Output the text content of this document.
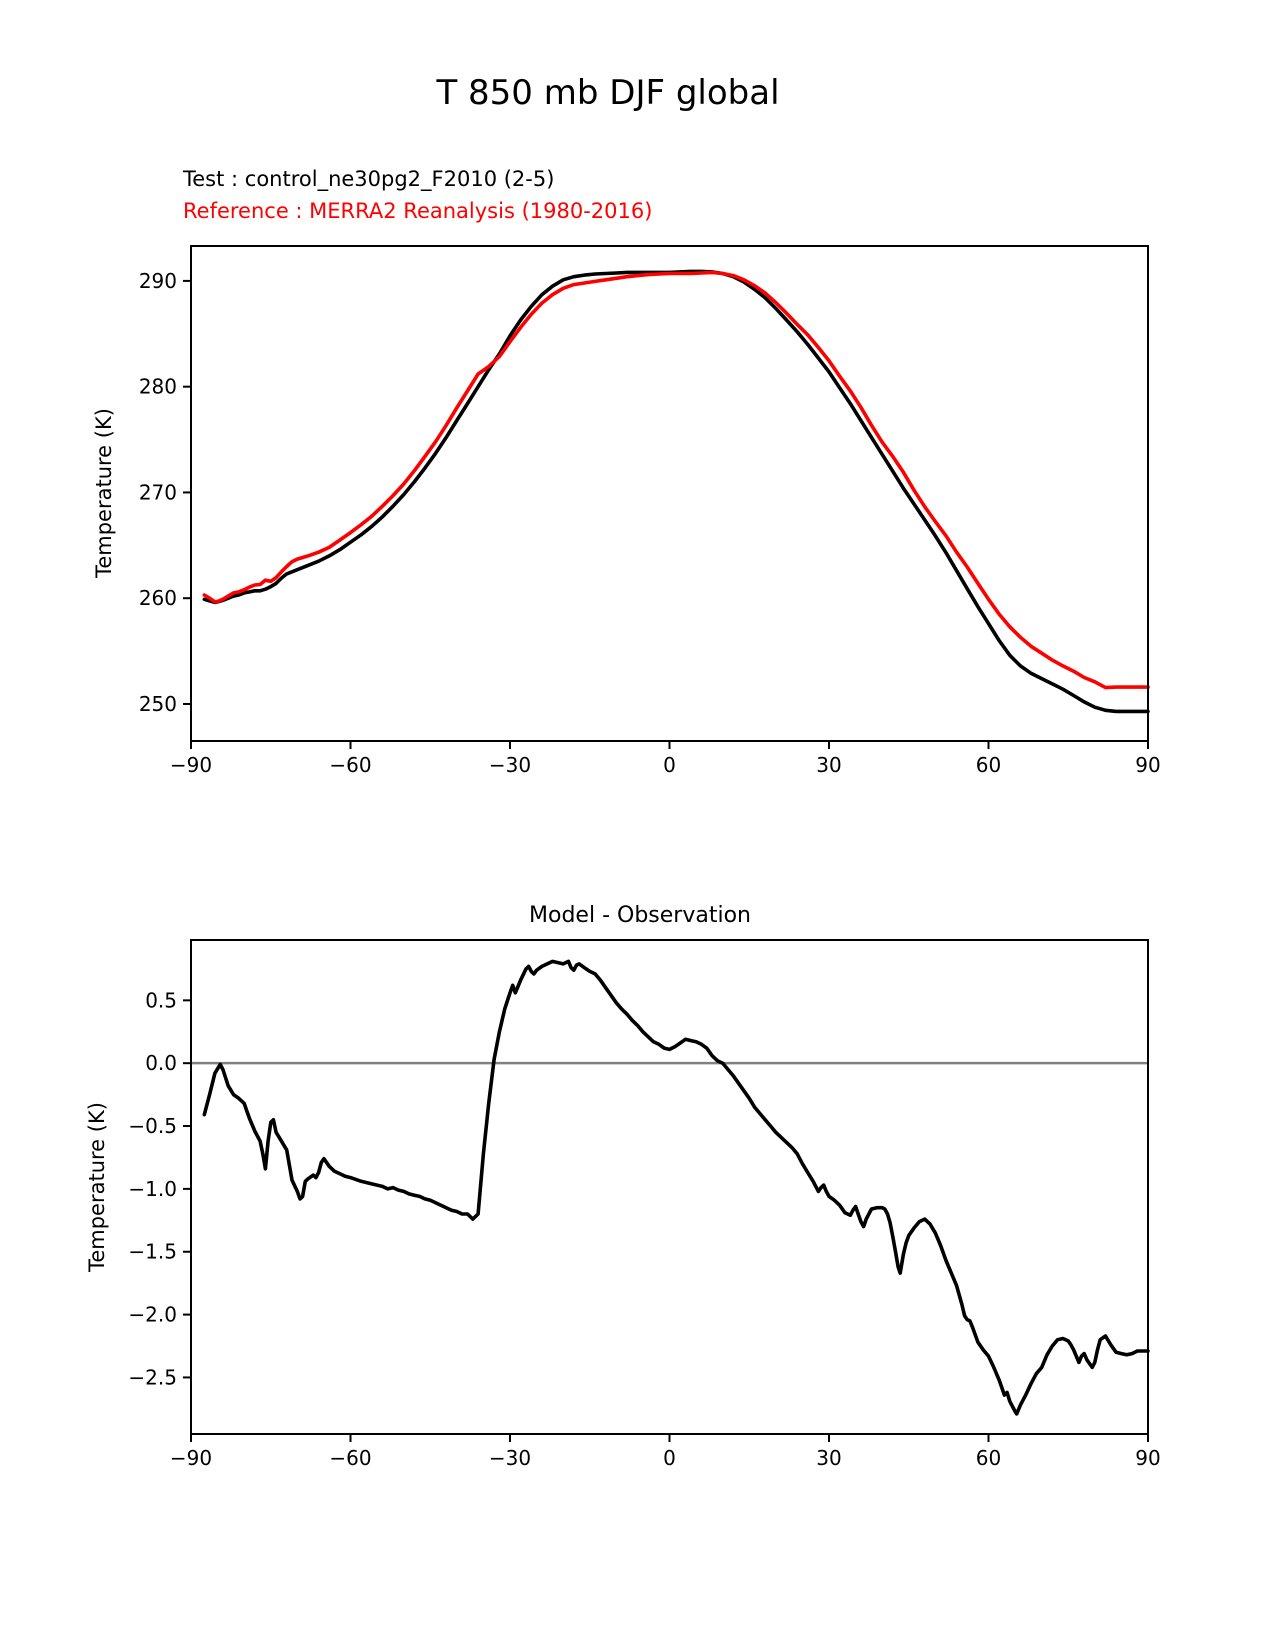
−90	−60	−30	0	30	60	90
250
260
270
280
290
−90	−60	−30	0	30	60	90
0.5
0.0
−0.5
−1.0
−1.5
−2.0
−2.5
T 850 mb DJF global
Test : control_ne30pg2_F2010 (2-5)
Reference : MERRA2 Reanalysis (1980-2016)
Temperature (K)
Temperature (K)
Model - Observation
